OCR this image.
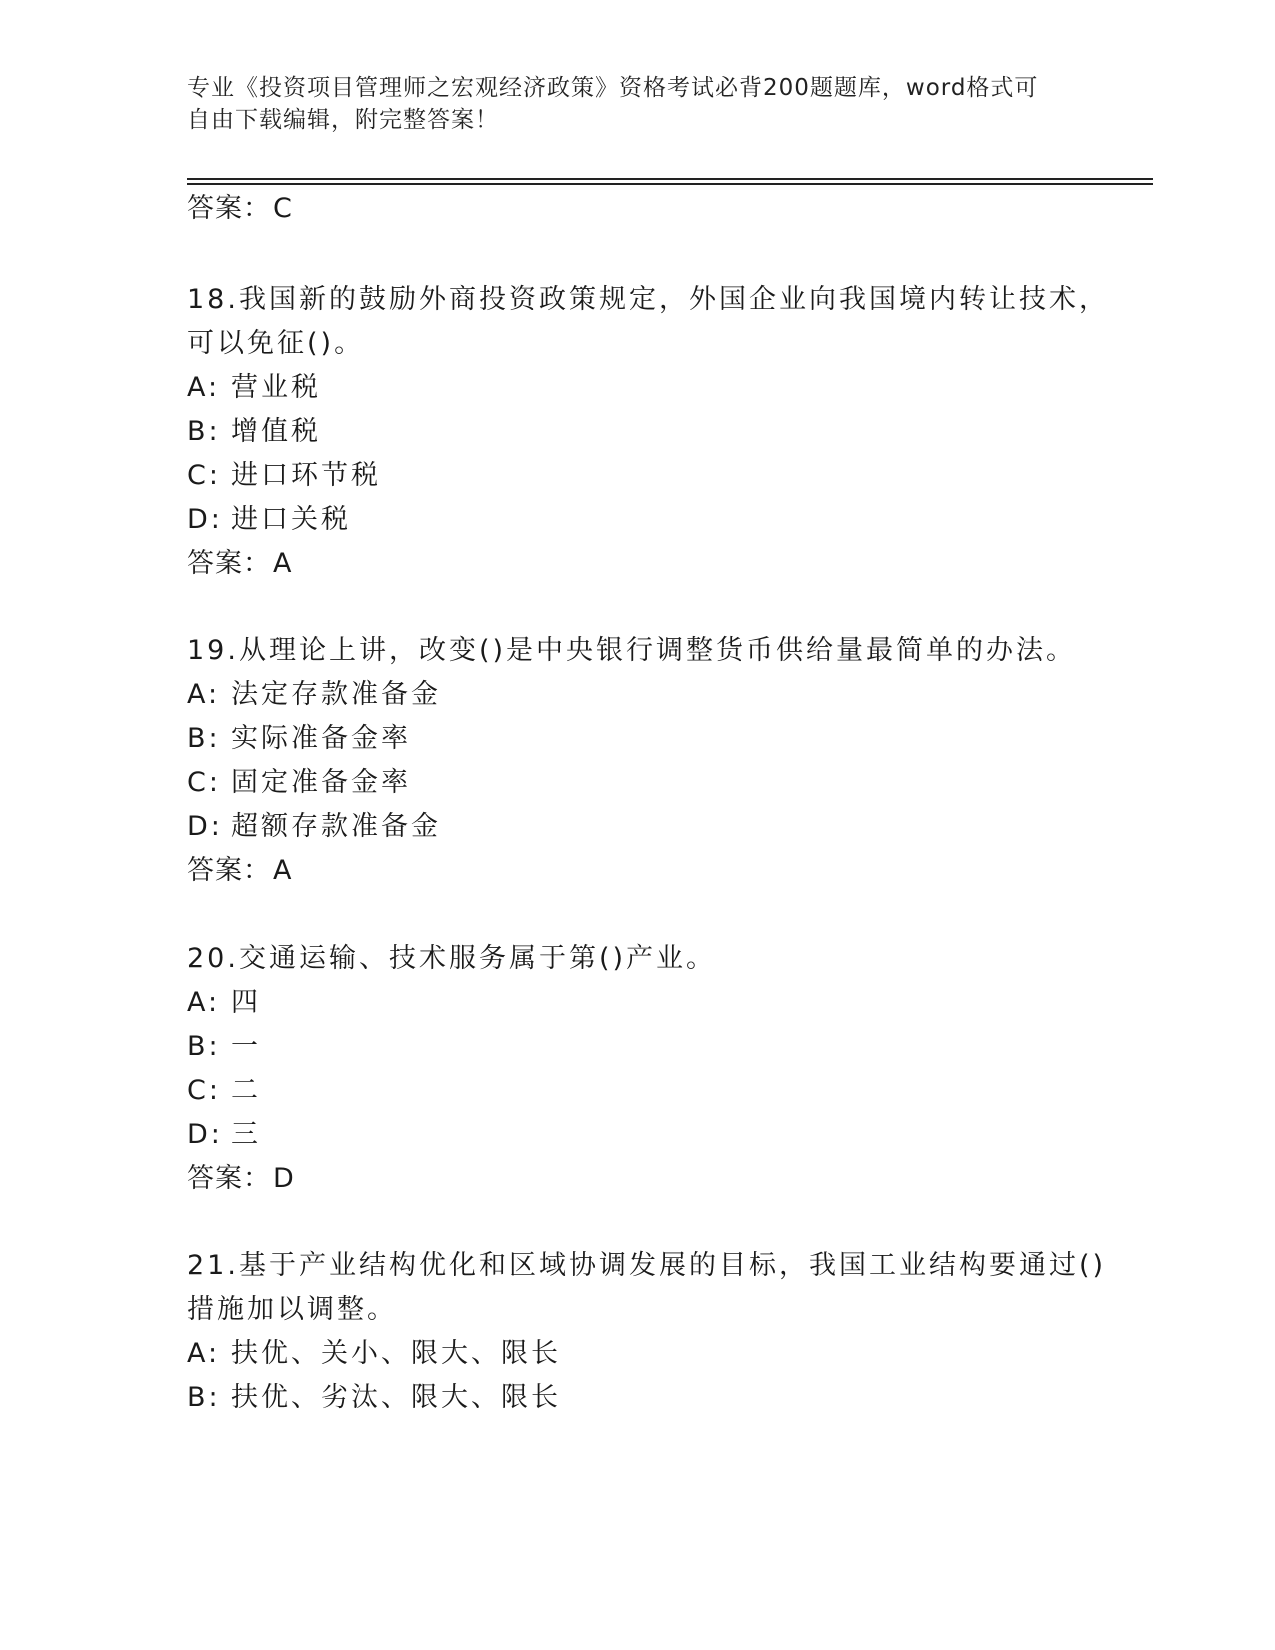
专业《投资项目管理师之宏观经济政策》资格考试必背200题题库，word格式可
自由下载编辑，附完整答案！
答案：C
18.我国新的鼓励外商投资政策规定，外国企业向我国境内转让技术，
可以免征()。
A: 营业税
B: 增值税
C: 进口环节税
D: 进口关税
答案：A
19.从理论上讲，改变()是中央银行调整货币供给量最简单的办法。
A: 法定存款准备金
B: 实际准备金率
C: 固定准备金率
D: 超额存款准备金
答案：A
20.交通运输、技术服务属于第()产业。
A: 四
B: 一
C: 二
D: 三
答案：D
21.基于产业结构优化和区域协调发展的目标，我国工业结构要通过()
措施加以调整。
A: 扶优、关小、限大、限长
B: 扶优、劣汰、限大、限长
